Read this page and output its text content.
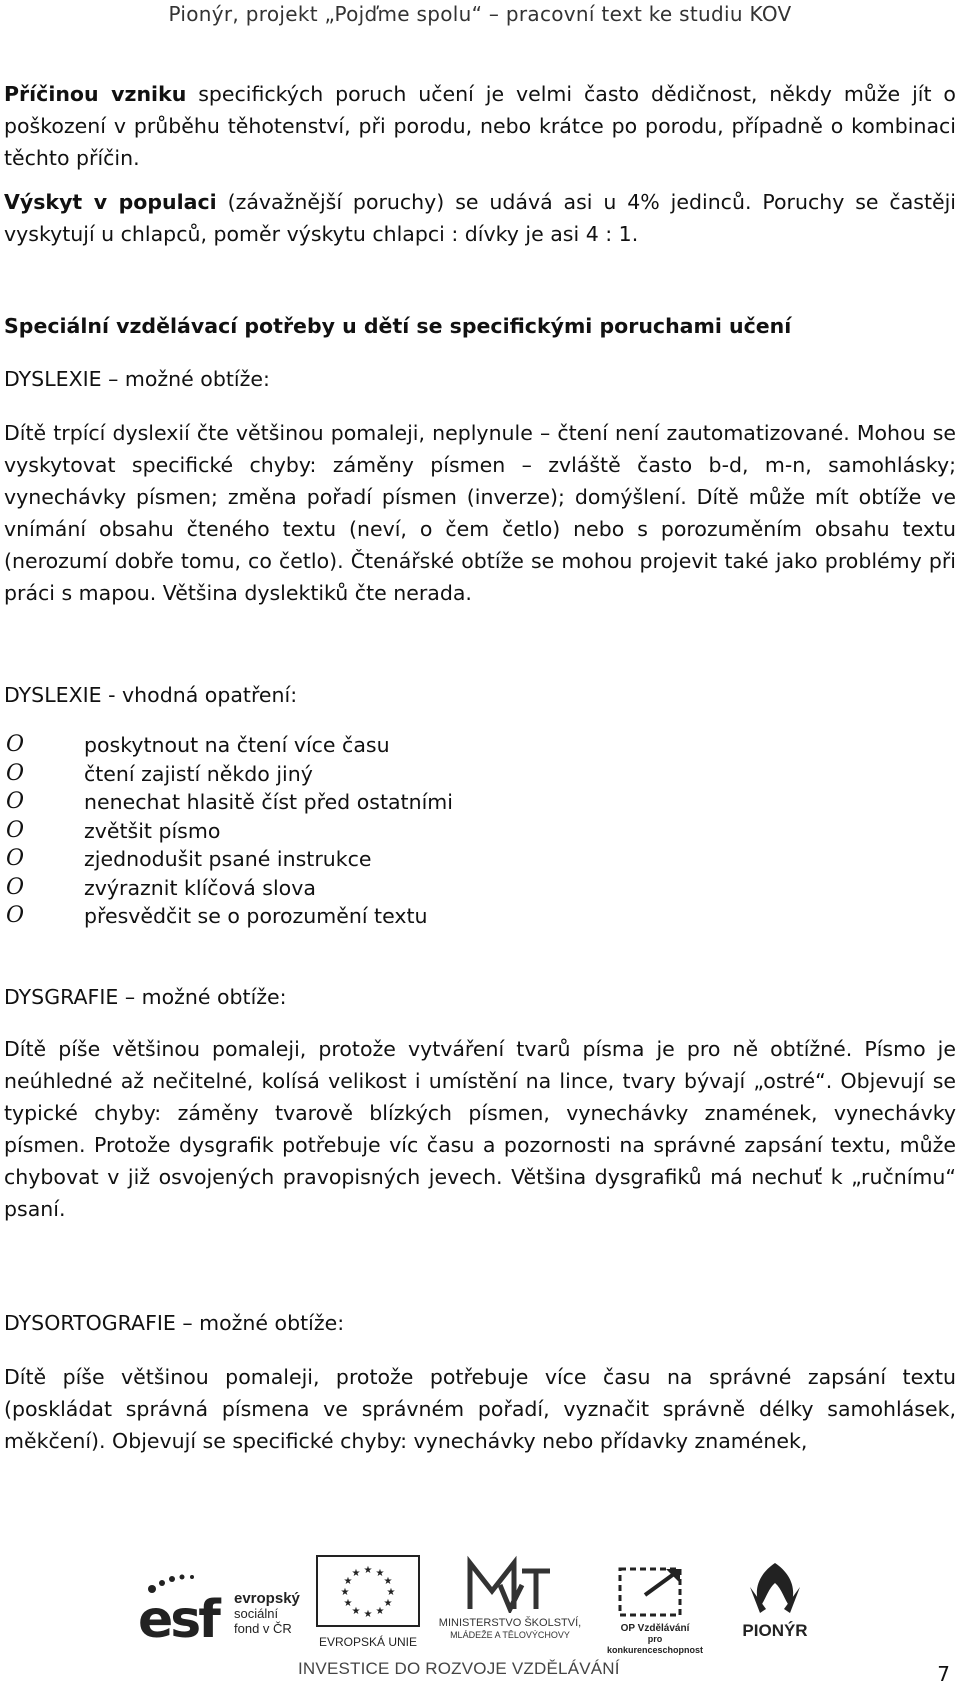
Pionýr, projekt „Pojďme spolu“ – pracovní text ke studiu KOV

Příčinou vzniku specifických poruch učení je velmi často dědičnost, někdy může jít o poškození v průběhu těhotenství, při porodu, nebo krátce po porodu, případně o kombinaci těchto příčin.

Výskyt v populaci (závažnější poruchy) se udává asi u 4% jedinců. Poruchy se častěji vyskytují u chlapců, poměr výskytu chlapci : dívky je asi 4 : 1.

Speciální vzdělávací potřeby u dětí se specifickými poruchami učení

DYSLEXIE – možné obtíže:

Dítě trpící dyslexií čte většinou pomaleji, neplynule – čtení není zautomatizované. Mohou se vyskytovat specifické chyby: záměny písmen – zvláště často b-d, m-n, samohlásky; vynechávky písmen; změna pořadí písmen (inverze); domýšlení. Dítě může mít obtíže ve vnímání obsahu čteného textu (neví, o čem četlo) nebo s porozuměním obsahu textu (nerozumí dobře tomu, co četlo). Čtenářské obtíže se mohou projevit také jako problémy při práci s mapou. Většina dyslektiků čte nerada.

DYSLEXIE - vhodná opatření:

O	poskytnout na čtení více času
O	čtení zajistí někdo jiný
O	nenechat hlasitě číst před ostatními
O	zvětšit písmo
O	zjednodušit psané instrukce
O	zvýraznit klíčová slova
O	přesvědčit se o porozumění textu

DYSGRAFIE – možné obtíže:

Dítě píše většinou pomaleji, protože vytváření tvarů písma je pro ně obtížné. Písmo je neúhledné až nečitelné, kolísá velikost i umístění na lince, tvary bývají „ostré“. Objevují se typické chyby: záměny tvarově blízkých písmen, vynechávky znamének, vynechávky písmen. Protože dysgrafik potřebuje víc času a pozornosti na správné zapsání textu, může chybovat v již osvojených pravopisných jevech. Většina dysgrafiků má nechuť k „ručnímu“ psaní.

DYSORTOGRAFIE – možné obtíže:

Dítě píše většinou pomaleji, protože potřebuje více času na správné zapsání textu (poskládat správná písmena ve správném pořadí, vyznačit správně délky samohlásek, měkčení). Objevují se specifické chyby: vynechávky nebo přídavky znamének,

esf evropský
sociální
fond v ČR
★ ★
★
★
★
★
★
★
★
★
★
★
EVROPSKÁ UNIE
MINISTERSTVO ŠKOLSTVÍ,
MLÁDEŽE A TĚLOVÝCHOVY
OP Vzdělávání
pro konkurenceschopnost
PIONÝR
INVESTICE DO ROZVOJE VZDĚLÁVÁNÍ	7
